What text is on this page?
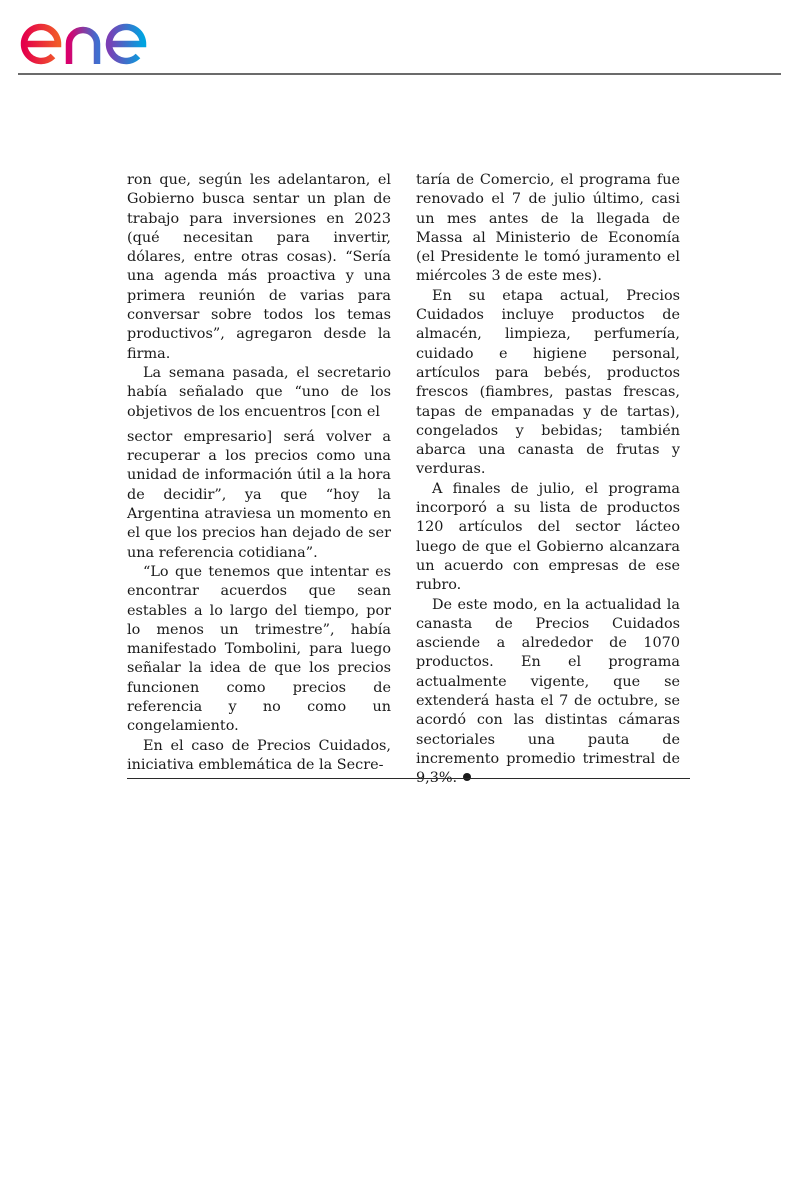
ron que, según les adelantaron, el Gobierno busca sentar un plan de trabajo para inversiones en 2023 (qué necesitan para invertir, dólares, entre otras cosas). “Sería una agenda más proactiva y una primera reunión de varias para conversar sobre todos los temas productivos”, agregaron desde la firma.

La semana pasada, el secretario había señalado que “uno de los objetivos de los encuentros [con el

sector empresario] será volver a recuperar a los precios como una unidad de información útil a la hora de decidir”, ya que “hoy la Argentina atraviesa un momento en el que los precios han dejado de ser una referencia cotidiana”.

“Lo que tenemos que intentar es encontrar acuerdos que sean estables a lo largo del tiempo, por lo menos un trimestre”, había manifestado Tombolini, para luego señalar la idea de que los precios funcionen como precios de referencia y no como un congelamiento.

En el caso de Precios Cuidados, iniciativa emblemática de la Secre-

taría de Comercio, el programa fue renovado el 7 de julio último, casi un mes antes de la llegada de Massa al Ministerio de Economía (el Presidente le tomó juramento el miércoles 3 de este mes).

En su etapa actual, Precios Cuidados incluye productos de almacén, limpieza, perfumería, cuidado e higiene personal, artículos para bebés, productos frescos (fiambres, pastas frescas, tapas de empanadas y de tartas), congelados y bebidas; también abarca una canasta de frutas y verduras.

A finales de julio, el programa incorporó a su lista de productos 120 artículos del sector lácteo luego de que el Gobierno alcanzara un acuerdo con empresas de ese rubro.

De este modo, en la actualidad la canasta de Precios Cuidados asciende a alrededor de 1070 productos. En el programa actualmente vigente, que se extenderá hasta el 7 de octubre, se acordó con las distintas cámaras sectoriales una pauta de incremento promedio trimestral de 9,3%.
